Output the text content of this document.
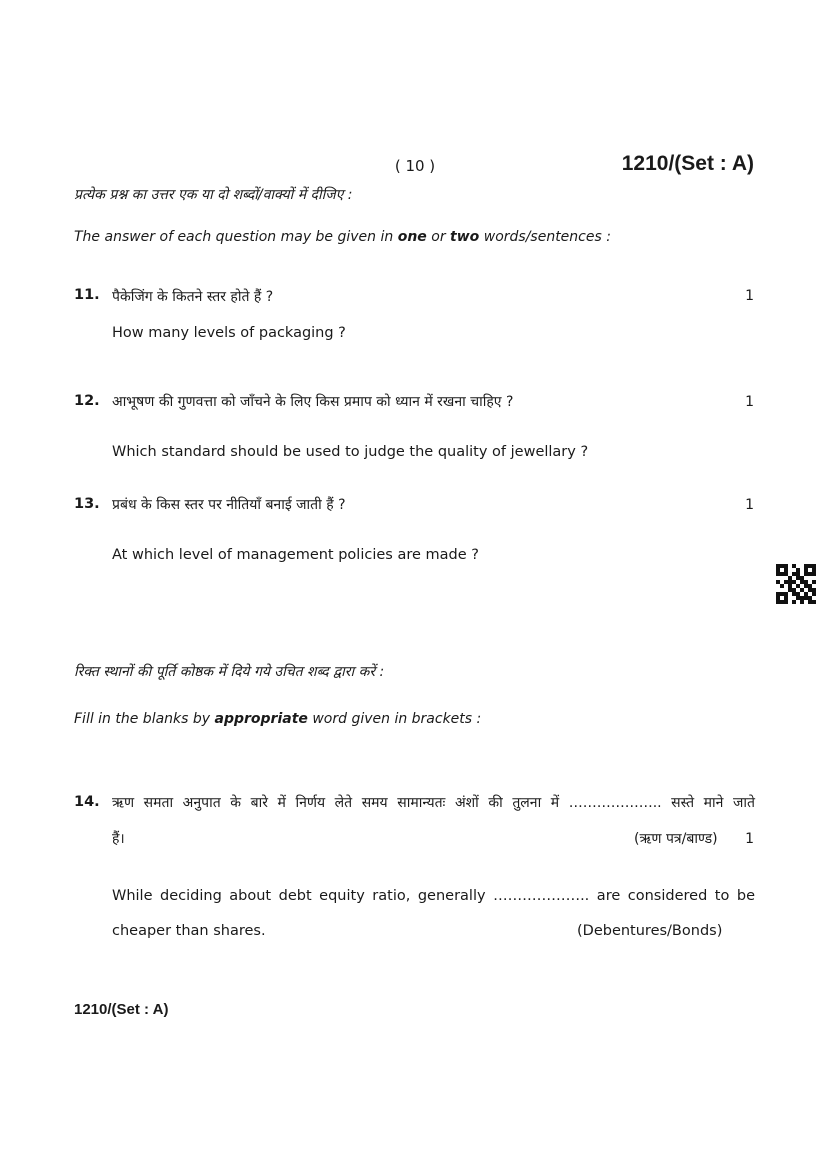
( 10 )	1210/(Set : A)
प्रत्येक प्रश्न का उत्तर एक या दो शब्दों/वाक्यों में दीजिए :
The answer of each question may be given in one or two words/sentences :
11. पैकेजिंग के कितने स्तर होते हैं ?	1
How many levels of packaging ?
12. आभूषण की गुणवत्ता को जाँचने के लिए किस प्रमाप को ध्यान में रखना चाहिए ?	1
Which standard should be used to judge the quality of jewellary ?
13. प्रबंध के किस स्तर पर नीतियाँ बनाई जाती हैं ?	1
At which level of management policies are made ?
रिक्त स्थानों की पूर्ति कोष्ठक में दिये गये उचित शब्द द्वारा करें :
Fill in the blanks by appropriate word given in brackets :
14. ऋण समता अनुपात के बारे में निर्णय लेते समय सामान्यतः अंशों की तुलना में ……………….. सस्ते माने जाते
हैं।	(ऋण पत्र/बाण्ड)	1
While deciding about debt equity ratio, generally ……………….. are considered to be
cheaper than shares.	(Debentures/Bonds)
1210/(Set : A)
